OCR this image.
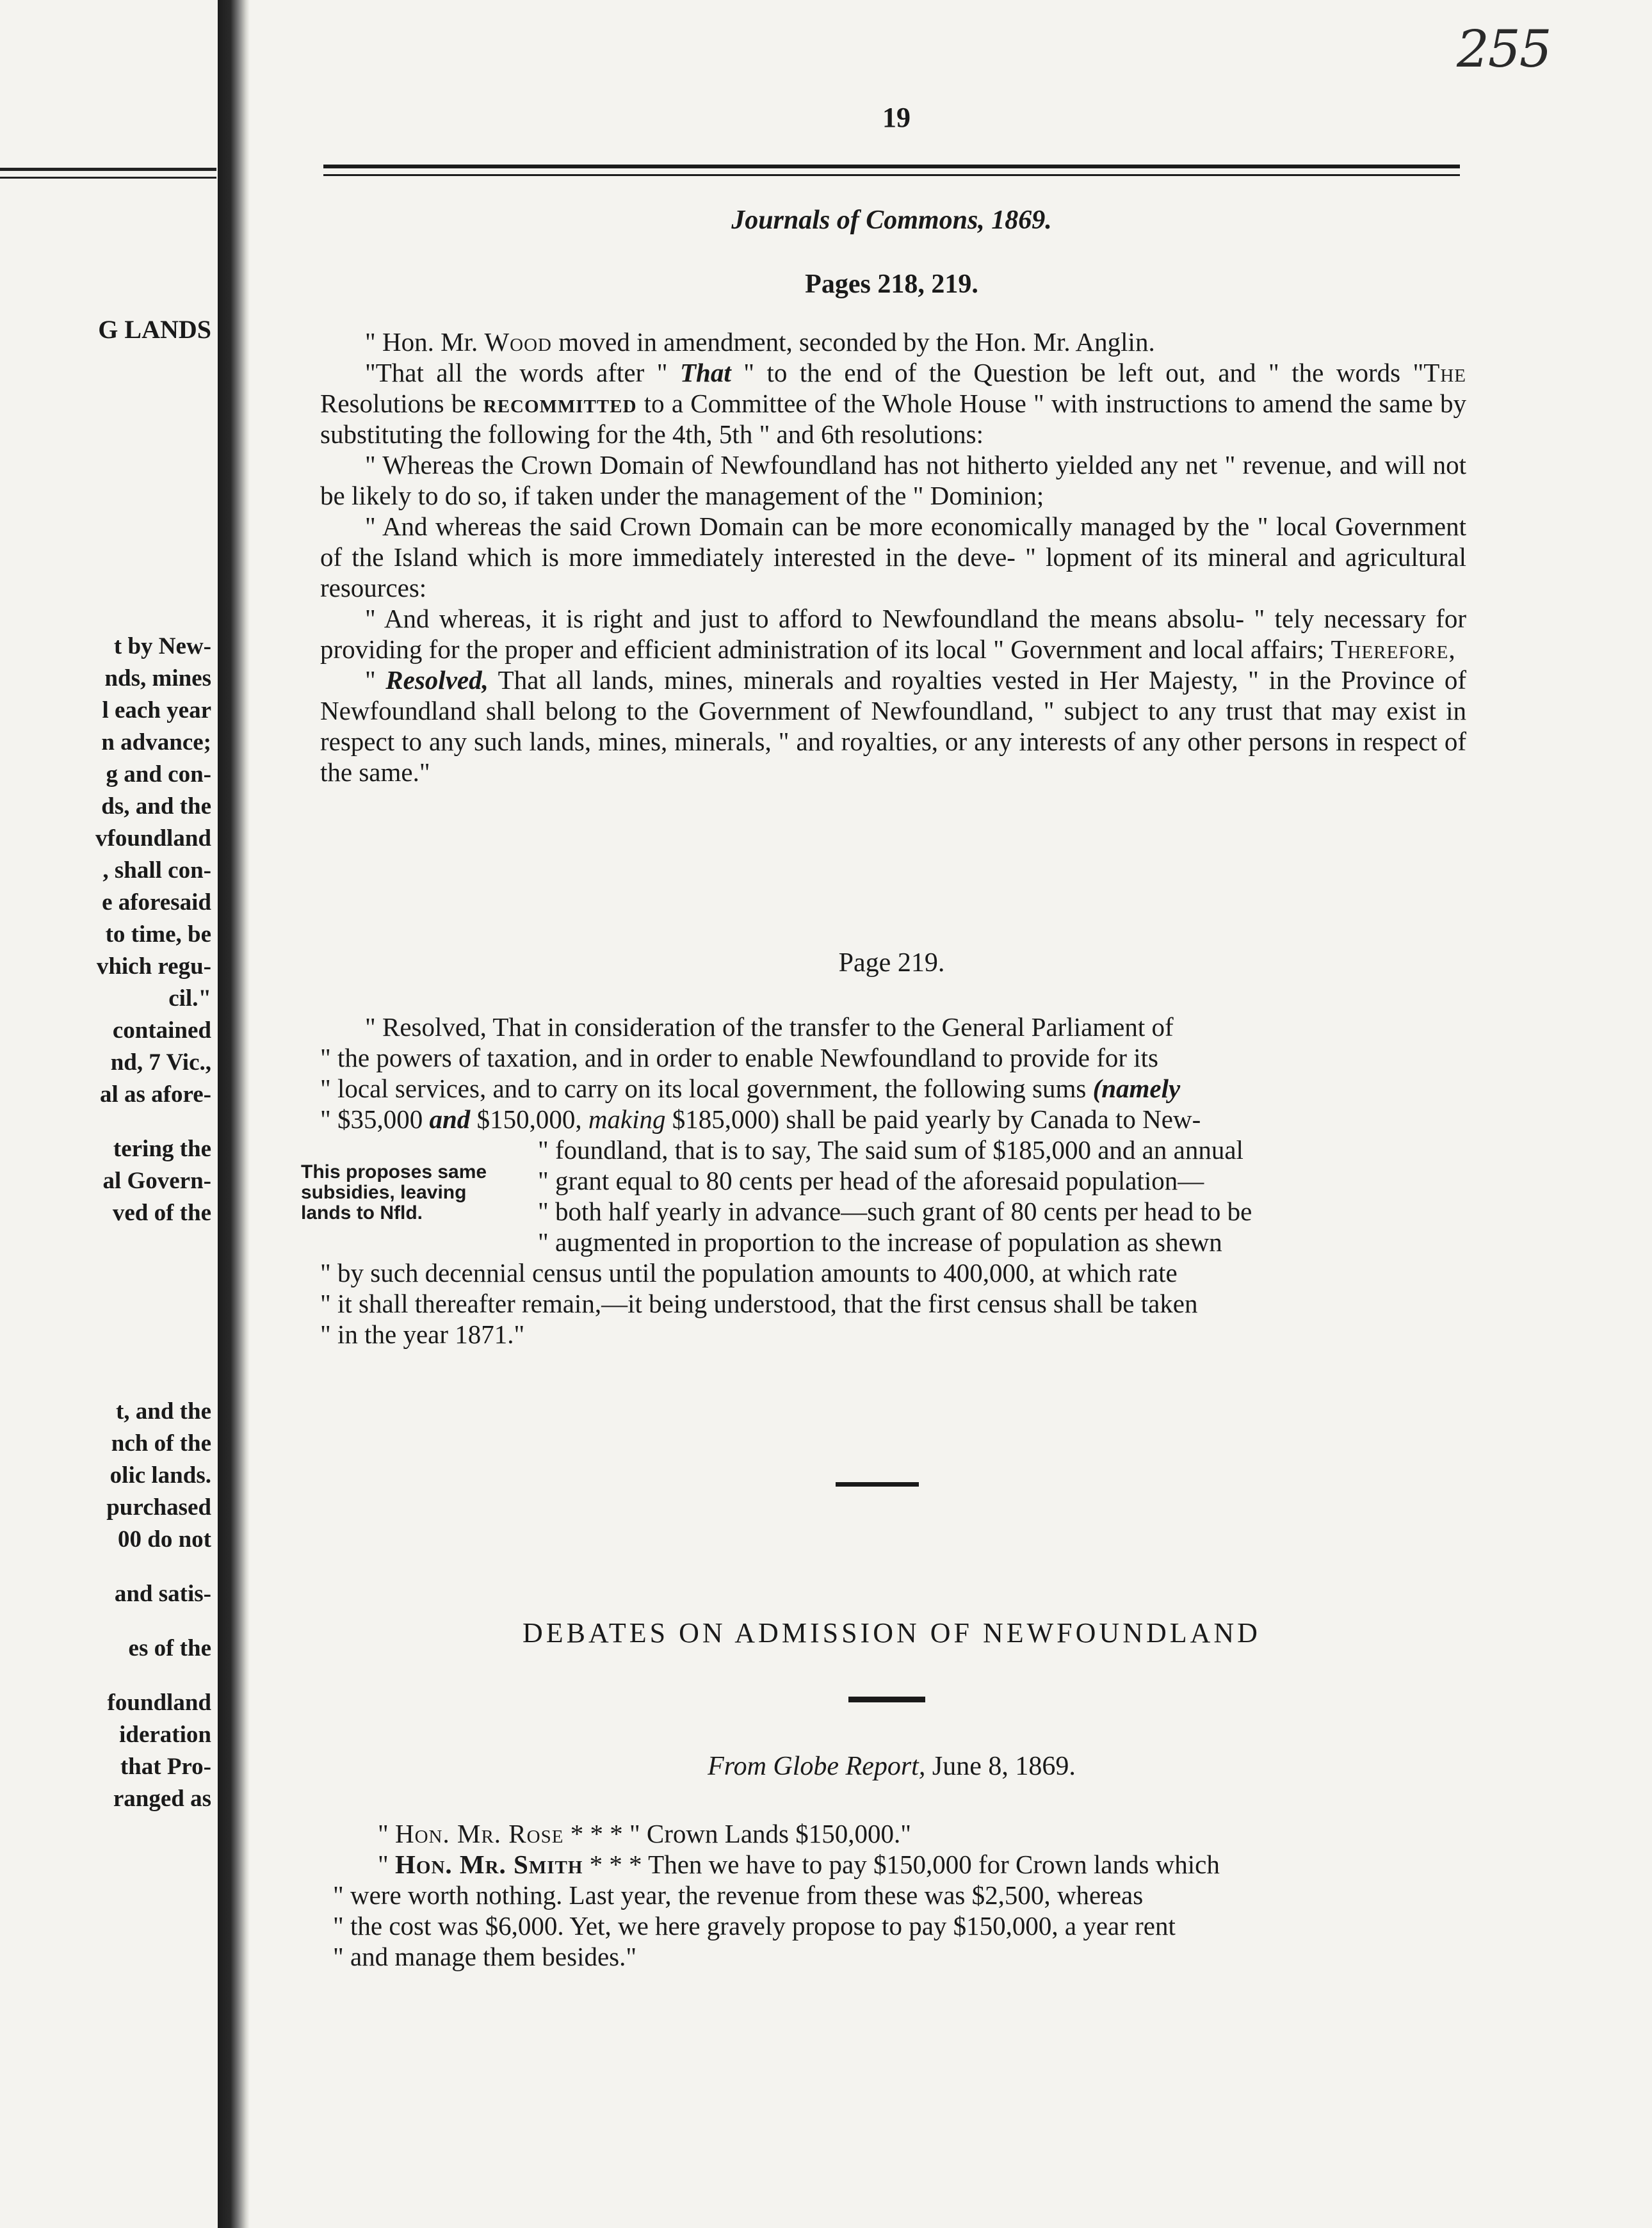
G LANDS
t by New-
nds, mines
l each year
n advance;
g and con-
ds, and the
vfoundland
, shall con-
e aforesaid
to time, be
vhich regu-
cil."
contained
nd, 7 Vic.,
al as afore-
tering the
al Govern-
ved of the
t, and the
nch of the
olic lands.
purchased
00 do not
and satis-
es of the
foundland
ideration
that Pro-
ranged as
255
19
Journals of Commons, 1869.
Pages 218, 219.

" Hon. Mr. Wood moved in amendment, seconded by the Hon. Mr. Anglin.

"That all the words after " That " to the end of the Question be left out, and " the words "The Resolutions be recommitted to a Committee of the Whole House " with instructions to amend the same by substituting the following for the 4th, 5th " and 6th resolutions:

" Whereas the Crown Domain of Newfoundland has not hitherto yielded any net " revenue, and will not be likely to do so, if taken under the management of the " Dominion;

" And whereas the said Crown Domain can be more economically managed by the " local Government of the Island which is more immediately interested in the deve- " lopment of its mineral and agricultural resources:

" And whereas, it is right and just to afford to Newfoundland the means absolu- " tely necessary for providing for the proper and efficient administration of its local " Government and local affairs; Therefore,

" Resolved, That all lands, mines, minerals and royalties vested in Her Majesty, " in the Province of Newfoundland shall belong to the Government of Newfoundland, " subject to any trust that may exist in respect to any such lands, mines, minerals, " and royalties, or any interests of any other persons in respect of the same."

Page 219.
" Resolved, That in consideration of the transfer to the General Parliament of
" the powers of taxation, and in order to enable Newfoundland to provide for its
" local services, and to carry on its local government, the following sums (namely
" $35,000 and $150,000, making $185,000) shall be paid yearly by Canada to New-
" foundland, that is to say, The said sum of $185,000 and an annual
" grant equal to 80 cents per head of the aforesaid population—
" both half yearly in advance—such grant of 80 cents per head to be
" augmented in proportion to the increase of population as shewn
" by such decennial census until the population amounts to 400,000, at which rate
" it shall thereafter remain,—it being understood, that the first census shall be taken
" in the year 1871."
This proposes same
subsidies, leaving
lands to Nfld.
DEBATES ON ADMISSION OF NEWFOUNDLAND
From Globe Report, June 8, 1869.
" Hon. Mr. Rose * * * " Crown Lands $150,000."
" Hon. Mr. Smith * * * Then we have to pay $150,000 for Crown lands which
" were worth nothing. Last year, the revenue from these was $2,500, whereas
" the cost was $6,000. Yet, we here gravely propose to pay $150,000, a year rent
" and manage them besides."
